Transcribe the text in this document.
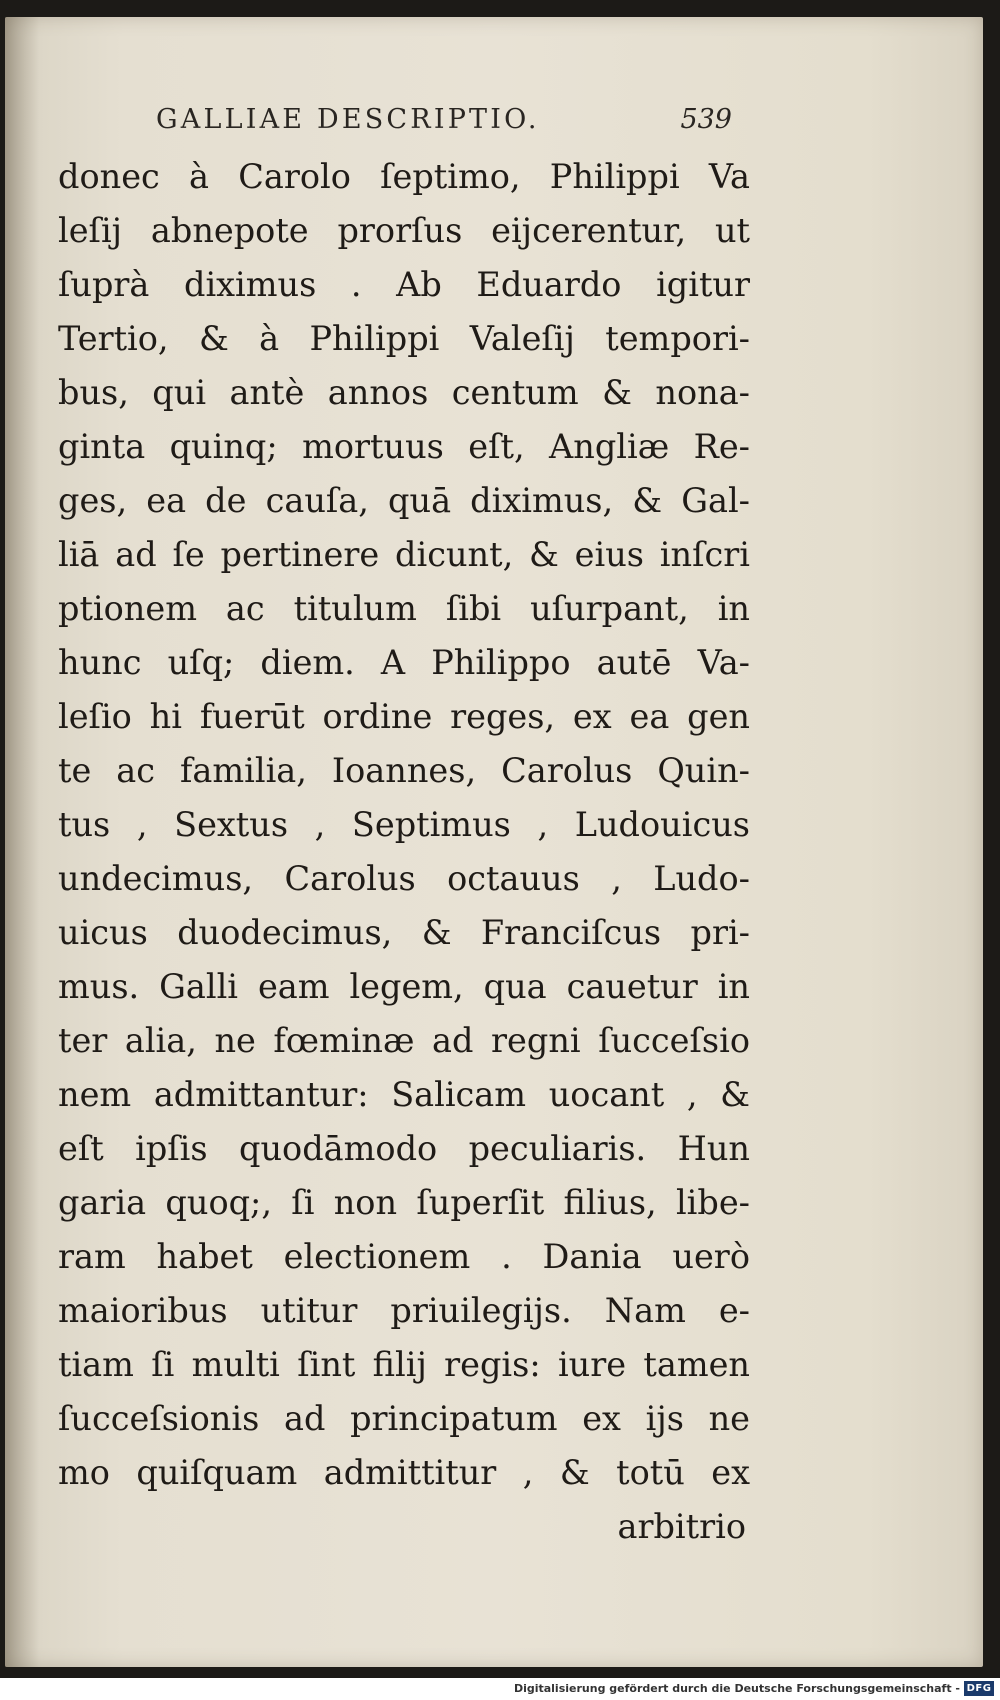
GALLIAE DESCRIPTIO.	539
donec à Carolo ſeptimo, Philippi Va
leſij abnepote prorſus eijcerentur, ut
ſuprà diximus . Ab Eduardo igitur
Tertio, & à Philippi Valeſij tempori-
bus, qui antè annos centum & nona-
ginta quinq; mortuus eſt, Angliæ Re-
ges, ea de cauſa, quā diximus, & Gal-
liā ad ſe pertinere dicunt, & eius inſcri
ptionem ac titulum ſibi uſurpant, in
hunc uſq; diem. A Philippo autē Va-
leſio hi fuerūt ordine reges, ex ea gen
te ac familia, Ioannes, Carolus Quin-
tus , Sextus , Septimus , Ludouicus
undecimus, Carolus octauus , Ludo-
uicus duodecimus, & Franciſcus pri-
mus. Galli eam legem, qua cauetur in
ter alia, ne fœminæ ad regni ſucceſsio
nem admittantur: Salicam uocant , &
eſt ipſis quodāmodo peculiaris. Hun
garia quoq;, ſi non ſuperſit filius, libe-
ram habet electionem . Dania uerò
maioribus utitur priuilegijs. Nam e-
tiam ſi multi ſint filij regis: iure tamen
ſucceſsionis ad principatum ex ijs ne
mo quiſquam admittitur , & totū ex
arbitrio
Digitalisierung gefördert durch die Deutsche Forschungsgemeinschaft - DFG
